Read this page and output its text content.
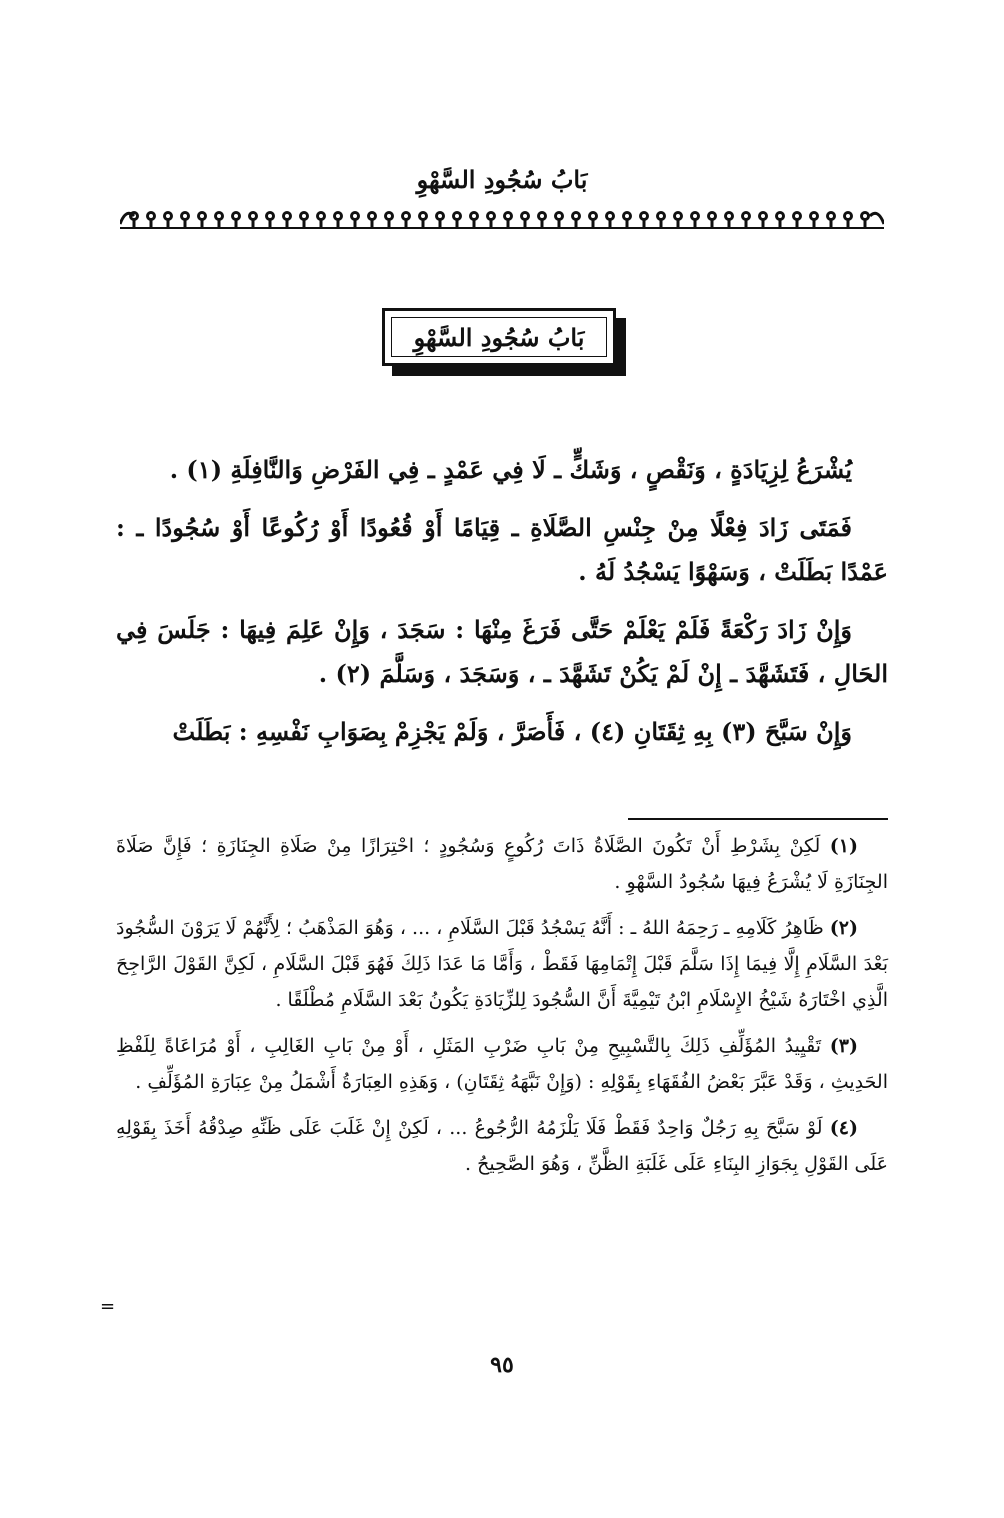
بَابُ سُجُودِ السَّهْوِ
بَابُ سُجُودِ السَّهْوِ

يُشْرَعُ لِزِيَادَةٍ ، وَنَقْصٍ ، وَشَكٍّ ـ لَا فِي عَمْدٍ ـ فِي الفَرْضِ وَالنَّافِلَةِ (١) .

فَمَتَى زَادَ فِعْلًا مِنْ جِنْسِ الصَّلَاةِ ـ قِيَامًا أَوْ قُعُودًا أَوْ رُكُوعًا أَوْ سُجُودًا ـ : عَمْدًا بَطَلَتْ ، وَسَهْوًا يَسْجُدُ لَهُ .

وَإِنْ زَادَ رَكْعَةً فَلَمْ يَعْلَمْ حَتَّى فَرَغَ مِنْهَا : سَجَدَ ، وَإِنْ عَلِمَ فِيهَا : جَلَسَ فِي الحَالِ ، فَتَشَهَّدَ ـ إِنْ لَمْ يَكُنْ تَشَهَّدَ ـ ، وَسَجَدَ ، وَسَلَّمَ (٢) .

وَإِنْ سَبَّحَ (٣) بِهِ ثِقَتَانِ (٤) ، فَأَصَرَّ ، وَلَمْ يَجْزِمْ بِصَوَابِ نَفْسِهِ : بَطَلَتْ

(١) لَكِنْ بِشَرْطِ أَنْ تَكُونَ الصَّلَاةُ ذَاتَ رُكُوعٍ وَسُجُودٍ ؛ احْتِرَازًا مِنْ صَلَاةِ الجِنَازَةِ ؛ فَإِنَّ صَلَاةَ الجِنَازَةِ لَا يُشْرَعُ فِيهَا سُجُودُ السَّهْوِ .

(٢) ظَاهِرُ كَلَامِهِ ـ رَحِمَهُ اللهُ ـ : أَنَّهُ يَسْجُدُ قَبْلَ السَّلَامِ ، ... ، وَهُوَ المَذْهَبُ ؛ لِأَنَّهُمْ لَا يَرَوْنَ السُّجُودَ بَعْدَ السَّلَامِ إِلَّا فِيمَا إِذَا سَلَّمَ قَبْلَ إِتْمَامِهَا فَقَطْ ، وَأَمَّا مَا عَدَا ذَلِكَ فَهُوَ قَبْلَ السَّلَامِ ، لَكِنَّ القَوْلَ الرَّاجِحَ الَّذِي اخْتَارَهُ شَيْخُ الإِسْلَامِ ابْنُ تَيْمِيَّةَ أَنَّ السُّجُودَ لِلزِّيَادَةِ يَكُونُ بَعْدَ السَّلَامِ مُطْلَقًا .

(٣) تَقْيِيدُ المُؤَلِّفِ ذَلِكَ بِالتَّسْبِيحِ مِنْ بَابِ ضَرْبِ المَثَلِ ، أَوْ مِنْ بَابِ الغَالِبِ ، أَوْ مُرَاعَاةً لِلَفْظِ الحَدِيثِ ، وَقَدْ عَبَّرَ بَعْضُ الفُقَهَاءِ بِقَوْلِهِ : (وَإِنْ نَبَّهَهُ ثِقَتَانِ) ، وَهَذِهِ العِبَارَةُ أَشْمَلُ مِنْ عِبَارَةِ المُؤَلِّفِ .

(٤) لَوْ سَبَّحَ بِهِ رَجُلٌ وَاحِدٌ فَقَطْ فَلَا يَلْزَمُهُ الرُّجُوعُ ... ، لَكِنْ إِنْ غَلَبَ عَلَى ظَنِّهِ صِدْقُهُ أَخَذَ بِقَوْلِهِ عَلَى القَوْلِ بِجَوَازِ البِنَاءِ عَلَى غَلَبَةِ الظَّنِّ ، وَهُوَ الصَّحِيحُ .

=
٩٥
